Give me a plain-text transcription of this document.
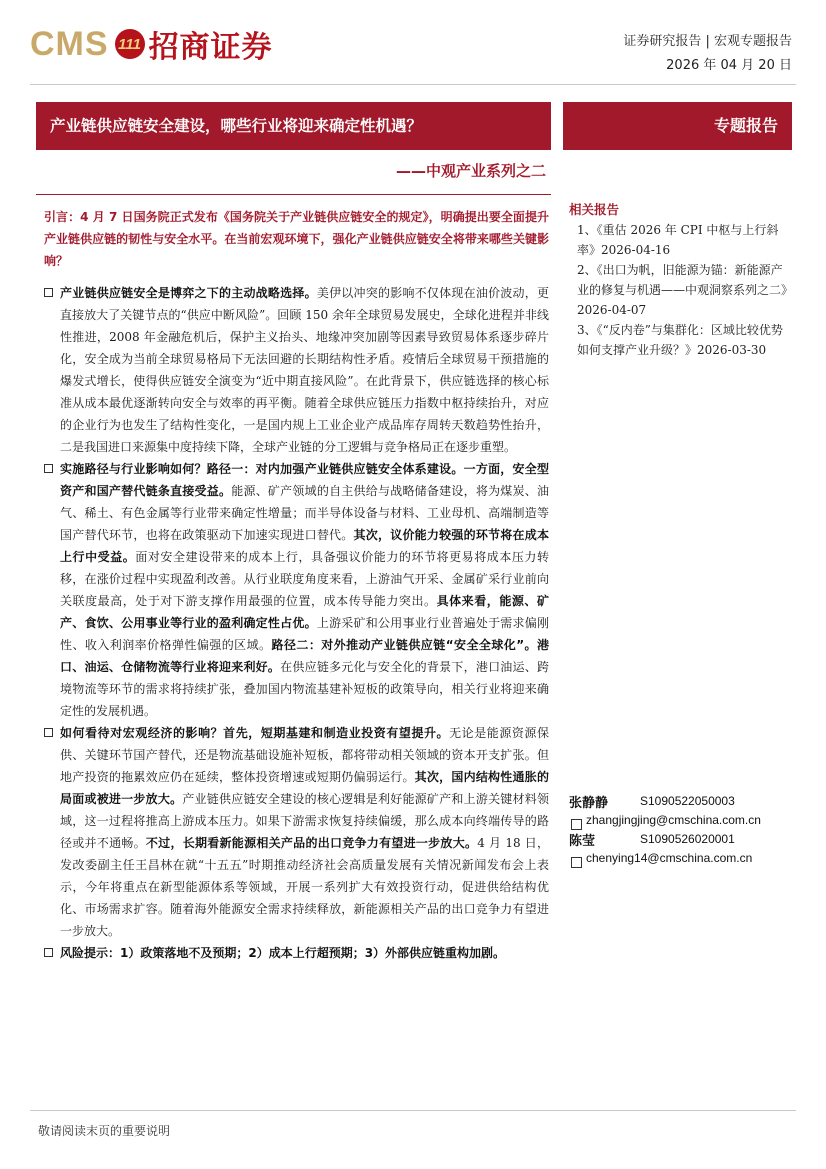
CMS 111 招商证券	证券研究报告 | 宏观专题报告
2026 年 04 月 20 日
产业链供应链安全建设，哪些行业将迎来确定性机遇？	专题报告
——中观产业系列之二
引言：4 月 7 日国务院正式发布《国务院关于产业链供应链安全的规定》，明确提出要全面提升产业链供应链的韧性与安全水平。在当前宏观环境下，强化产业链供应链安全将带来哪些关键影响？

产业链供应链安全是博弈之下的主动战略选择。美伊以冲突的影响不仅体现在油价波动，更直接放大了关键节点的“供应中断风险”。回顾 150 余年全球贸易发展史，全球化进程并非线性推进，2008 年金融危机后，保护主义抬头、地缘冲突加剧等因素导致贸易体系逐步碎片化，安全成为当前全球贸易格局下无法回避的长期结构性矛盾。疫情后全球贸易干预措施的爆发式增长，使得供应链安全演变为“近中期直接风险”。在此背景下，供应链选择的核心标准从成本最优逐渐转向安全与效率的再平衡。随着全球供应链压力指数中枢持续抬升，对应的企业行为也发生了结构性变化，一是国内规上工业企业产成品库存周转天数趋势性抬升，二是我国进口来源集中度持续下降，全球产业链的分工逻辑与竞争格局正在逐步重塑。

实施路径与行业影响如何？路径一：对内加强产业链供应链安全体系建设。一方面，安全型资产和国产替代链条直接受益。能源、矿产领域的自主供给与战略储备建设，将为煤炭、油气、稀土、有色金属等行业带来确定性增量；而半导体设备与材料、工业母机、高端制造等国产替代环节，也将在政策驱动下加速实现进口替代。其次，议价能力较强的环节将在成本上行中受益。面对安全建设带来的成本上行，具备强议价能力的环节将更易将成本压力转移，在涨价过程中实现盈利改善。从行业联度角度来看，上游油气开采、金属矿采行业前向关联度最高，处于对下游支撑作用最强的位置，成本传导能力突出。具体来看，能源、矿产、食饮、公用事业等行业的盈利确定性占优。上游采矿和公用事业行业普遍处于需求偏刚性、收入利润率价格弹性偏强的区域。路径二：对外推动产业链供应链“安全全球化”。港口、油运、仓储物流等行业将迎来利好。在供应链多元化与安全化的背景下，港口油运、跨境物流等环节的需求将持续扩张，叠加国内物流基建补短板的政策导向，相关行业将迎来确定性的发展机遇。

如何看待对宏观经济的影响？首先，短期基建和制造业投资有望提升。无论是能源资源保供、关键环节国产替代，还是物流基础设施补短板，都将带动相关领域的资本开支扩张。但地产投资的拖累效应仍在延续，整体投资增速或短期仍偏弱运行。其次，国内结构性通胀的局面或被进一步放大。产业链供应链安全建设的核心逻辑是利好能源矿产和上游关键材料领域，这一过程将推高上游成本压力。如果下游需求恢复持续偏缓，那么成本向终端传导的路径或并不通畅。不过，长期看新能源相关产品的出口竞争力有望进一步放大。4 月 18 日，发改委副主任王昌林在就“十五五”时期推动经济社会高质量发展有关情况新闻发布会上表示，今年将重点在新型能源体系等领域，开展一系列扩大有效投资行动，促进供给结构优化、市场需求扩容。随着海外能源安全需求持续释放，新能源相关产品的出口竞争力有望进一步放大。

风险提示：1）政策落地不及预期；2）成本上行超预期；3）外部供应链重构加剧。

相关报告
1、《重估 2026 年 CPI 中枢与上行斜率》2026-04-16
2、《出口为帆，旧能源为锚：新能源产业的修复与机遇——中观洞察系列之二》2026-04-07
3、《“反内卷”与集群化：区域比较优势如何支撑产业升级？》2026-03-30
张静静	S1090522050003
zhangjingjing@cmschina.com.cn
陈莹	S1090526020001
chenying14@cmschina.com.cn
敬请阅读末页的重要说明
